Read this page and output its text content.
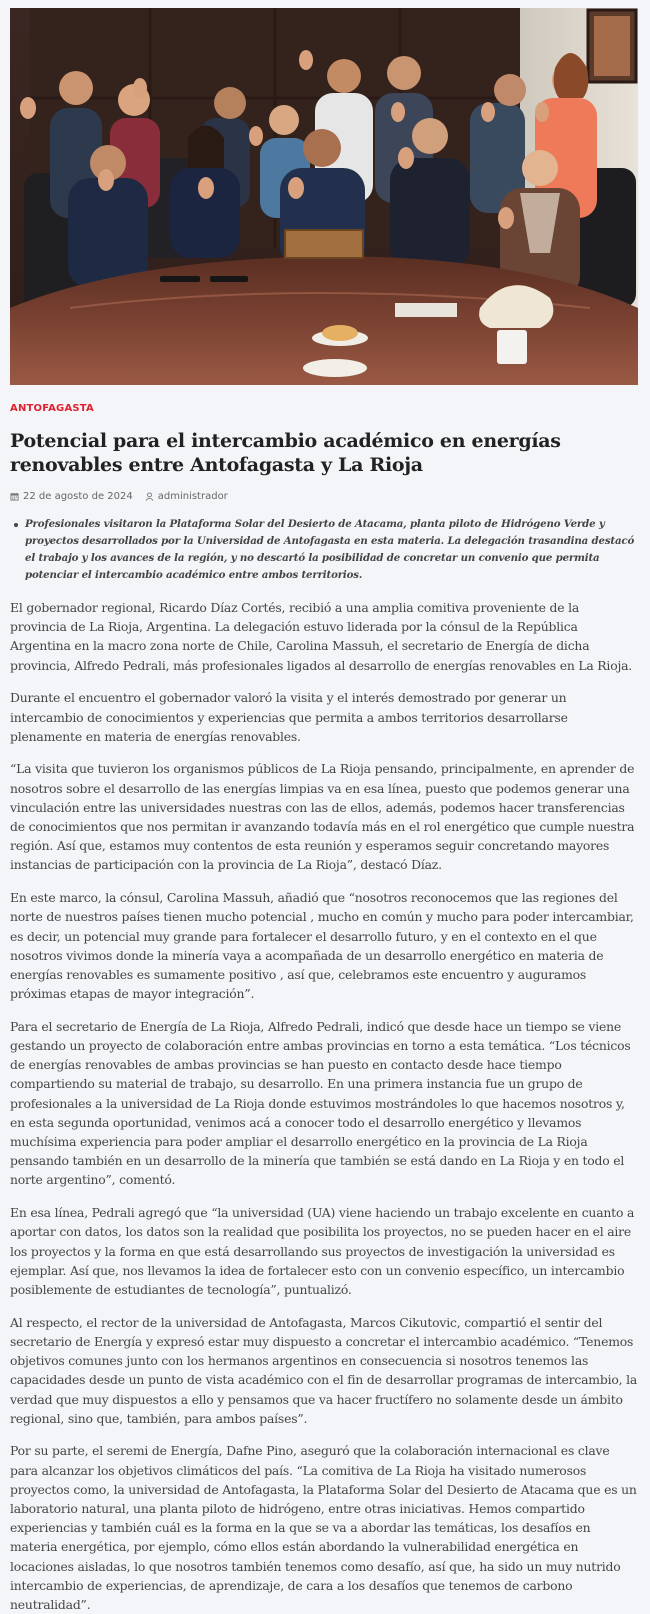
ANTOFAGASTA
Potencial para el intercambio académico en energías renovables entre Antofagasta y La Rioja
22 de agosto de 2024	administrador

Profesionales visitaron la Plataforma Solar del Desierto de Atacama, planta piloto de Hidrógeno Verde y proyectos desarrollados por la Universidad de Antofagasta en esta materia. La delegación trasandina destacó el trabajo y los avances de la región, y no descartó la posibilidad de concretar un convenio que permita potenciar el intercambio académico entre ambos territorios.

El gobernador regional, Ricardo Díaz Cortés, recibió a una amplia comitiva proveniente de la provincia de La Rioja, Argentina. La delegación estuvo liderada por la cónsul de la República Argentina en la macro zona norte de Chile, Carolina Massuh, el secretario de Energía de dicha provincia, Alfredo Pedrali, más profesionales ligados al desarrollo de energías renovables en La Rioja.

Durante el encuentro el gobernador valoró la visita y el interés demostrado por generar un intercambio de conocimientos y experiencias que permita a ambos territorios desarrollarse plenamente en materia de energías renovables.

“La visita que tuvieron los organismos públicos de La Rioja pensando, principalmente, en aprender de nosotros sobre el desarrollo de las energías limpias va en esa línea, puesto que podemos generar una vinculación entre las universidades nuestras con las de ellos, además, podemos hacer transferencias de conocimientos que nos permitan ir avanzando todavía más en el rol energético que cumple nuestra región. Así que, estamos muy contentos de esta reunión y esperamos seguir concretando mayores instancias de participación con la provincia de La Rioja”, destacó Díaz.

En este marco, la cónsul, Carolina Massuh, añadió que “nosotros reconocemos que las regiones del norte de nuestros países tienen mucho potencial , mucho en común y mucho para poder intercambiar, es decir, un potencial muy grande para fortalecer el desarrollo futuro, y en el contexto en el que nosotros vivimos donde la minería vaya a acompañada de un desarrollo energético en materia de energías renovables es sumamente positivo , así que, celebramos este encuentro y auguramos próximas etapas de mayor integración”.

Para el secretario de Energía de La Rioja, Alfredo Pedrali, indicó que desde hace un tiempo se viene gestando un proyecto de colaboración entre ambas provincias en torno a esta temática. “Los técnicos de energías renovables de ambas provincias se han puesto en contacto desde hace tiempo compartiendo su material de trabajo, su desarrollo. En una primera instancia fue un grupo de profesionales a la universidad de La Rioja donde estuvimos mostrándoles lo que hacemos nosotros y, en esta segunda oportunidad, venimos acá a conocer todo el desarrollo energético y llevamos muchísima experiencia para poder ampliar el desarrollo energético en la provincia de La Rioja pensando también en un desarrollo de la minería que también se está dando en La Rioja y en todo el norte argentino”, comentó.

En esa línea, Pedrali agregó que “la universidad (UA) viene haciendo un trabajo excelente en cuanto a aportar con datos, los datos son la realidad que posibilita los proyectos, no se pueden hacer en el aire los proyectos y la forma en que está desarrollando sus proyectos de investigación la universidad es ejemplar. Así que, nos llevamos la idea de fortalecer esto con un convenio específico, un intercambio posiblemente de estudiantes de tecnología”, puntualizó.

Al respecto, el rector de la universidad de Antofagasta, Marcos Cikutovic, compartió el sentir del secretario de Energía y expresó estar muy dispuesto a concretar el intercambio académico. “Tenemos objetivos comunes junto con los hermanos argentinos en consecuencia si nosotros tenemos las capacidades desde un punto de vista académico con el fin de desarrollar programas de intercambio, la verdad que muy dispuestos a ello y pensamos que va hacer fructífero no solamente desde un ámbito regional, sino que, también, para ambos países”.

Por su parte, el seremi de Energía, Dafne Pino, aseguró que la colaboración internacional es clave para alcanzar los objetivos climáticos del país. “La comitiva de La Rioja ha visitado numerosos proyectos como, la universidad de Antofagasta, la Plataforma Solar del Desierto de Atacama que es un laboratorio natural, una planta piloto de hidrógeno, entre otras iniciativas. Hemos compartido experiencias y también cuál es la forma en la que se va a abordar las temáticas, los desafíos en materia energética, por ejemplo, cómo ellos están abordando la vulnerabilidad energética en locaciones aisladas, lo que nosotros también tenemos como desafío, así que, ha sido un muy nutrido intercambio de experiencias, de aprendizaje, de cara a los desafíos que tenemos de carbono neutralidad”.
